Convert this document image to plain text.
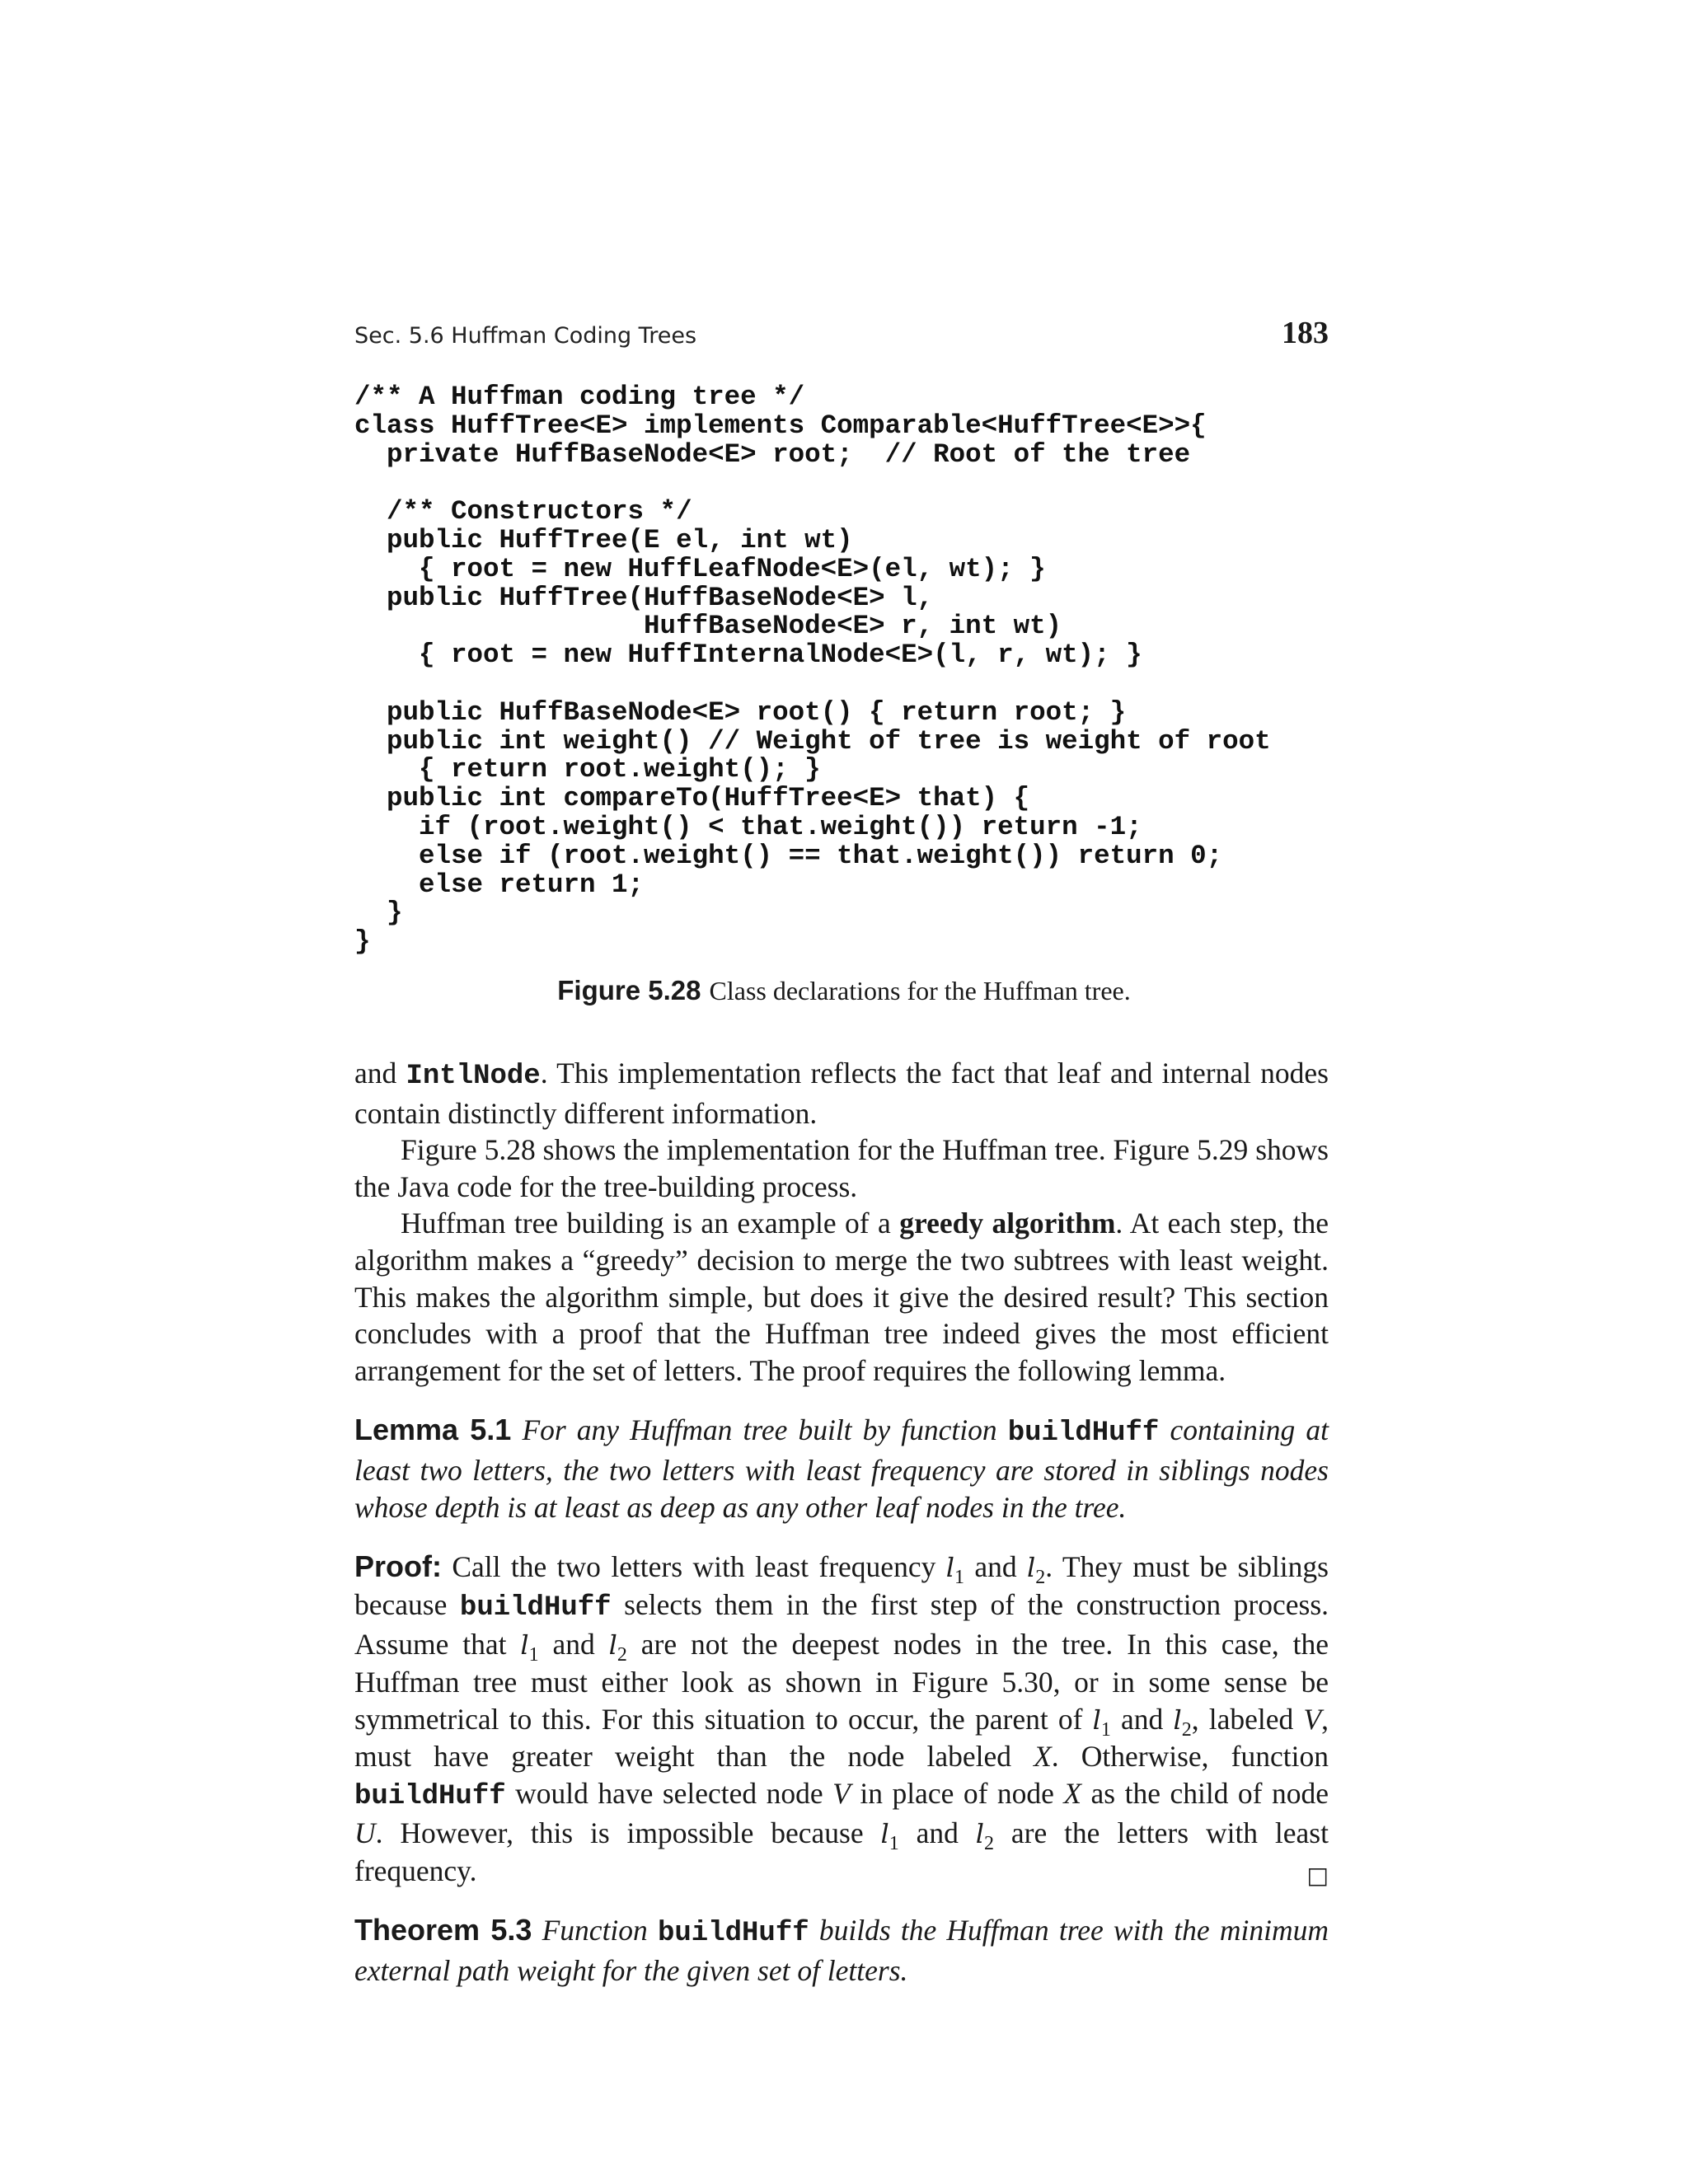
Sec. 5.6 Huffman Coding Trees	183
/** A Huffman coding tree */
class HuffTree<E> implements Comparable<HuffTree<E>>{
private HuffBaseNode<E> root;  // Root of the tree
/** Constructors */
public HuffTree(E el, int wt)
{ root = new HuffLeafNode<E>(el, wt); }
public HuffTree(HuffBaseNode<E> l,
HuffBaseNode<E> r, int wt)
{ root = new HuffInternalNode<E>(l, r, wt); }
public HuffBaseNode<E> root() { return root; }
public int weight() // Weight of tree is weight of root
{ return root.weight(); }
public int compareTo(HuffTree<E> that) {
if (root.weight() < that.weight()) return -1;
else if (root.weight() == that.weight()) return 0;
else return 1;
}
}
Figure 5.28 Class declarations for the Huffman tree.

and IntlNode. This implementation reflects the fact that leaf and internal nodes contain distinctly different information.

Figure 5.28 shows the implementation for the Huffman tree. Figure 5.29 shows the Java code for the tree-building process.

Huffman tree building is an example of a greedy algorithm. At each step, the algorithm makes a “greedy” decision to merge the two subtrees with least weight. This makes the algorithm simple, but does it give the desired result? This section concludes with a proof that the Huffman tree indeed gives the most efficient arrangement for the set of letters. The proof requires the following lemma.

Lemma 5.1 For any Huffman tree built by function buildHuff containing at least two letters, the two letters with least frequency are stored in siblings nodes whose depth is at least as deep as any other leaf nodes in the tree.

Proof: Call the two letters with least frequency $l_1$ and $l_2$. They must be siblings because buildHuff selects them in the first step of the construction process. Assume that $l_1$ and $l_2$ are not the deepest nodes in the tree. In this case, the Huffman tree must either look as shown in Figure 5.30, or in some sense be symmetrical to this. For this situation to occur, the parent of $l_1$ and $l_2$, labeled V, must have greater weight than the node labeled X. Otherwise, function buildHuff would have selected node V in place of node X as the child of node U. However, this is impossible because $l_1$ and $l_2$ are the letters with least frequency.	□

Theorem 5.3 Function buildHuff builds the Huffman tree with the minimum external path weight for the given set of letters.
